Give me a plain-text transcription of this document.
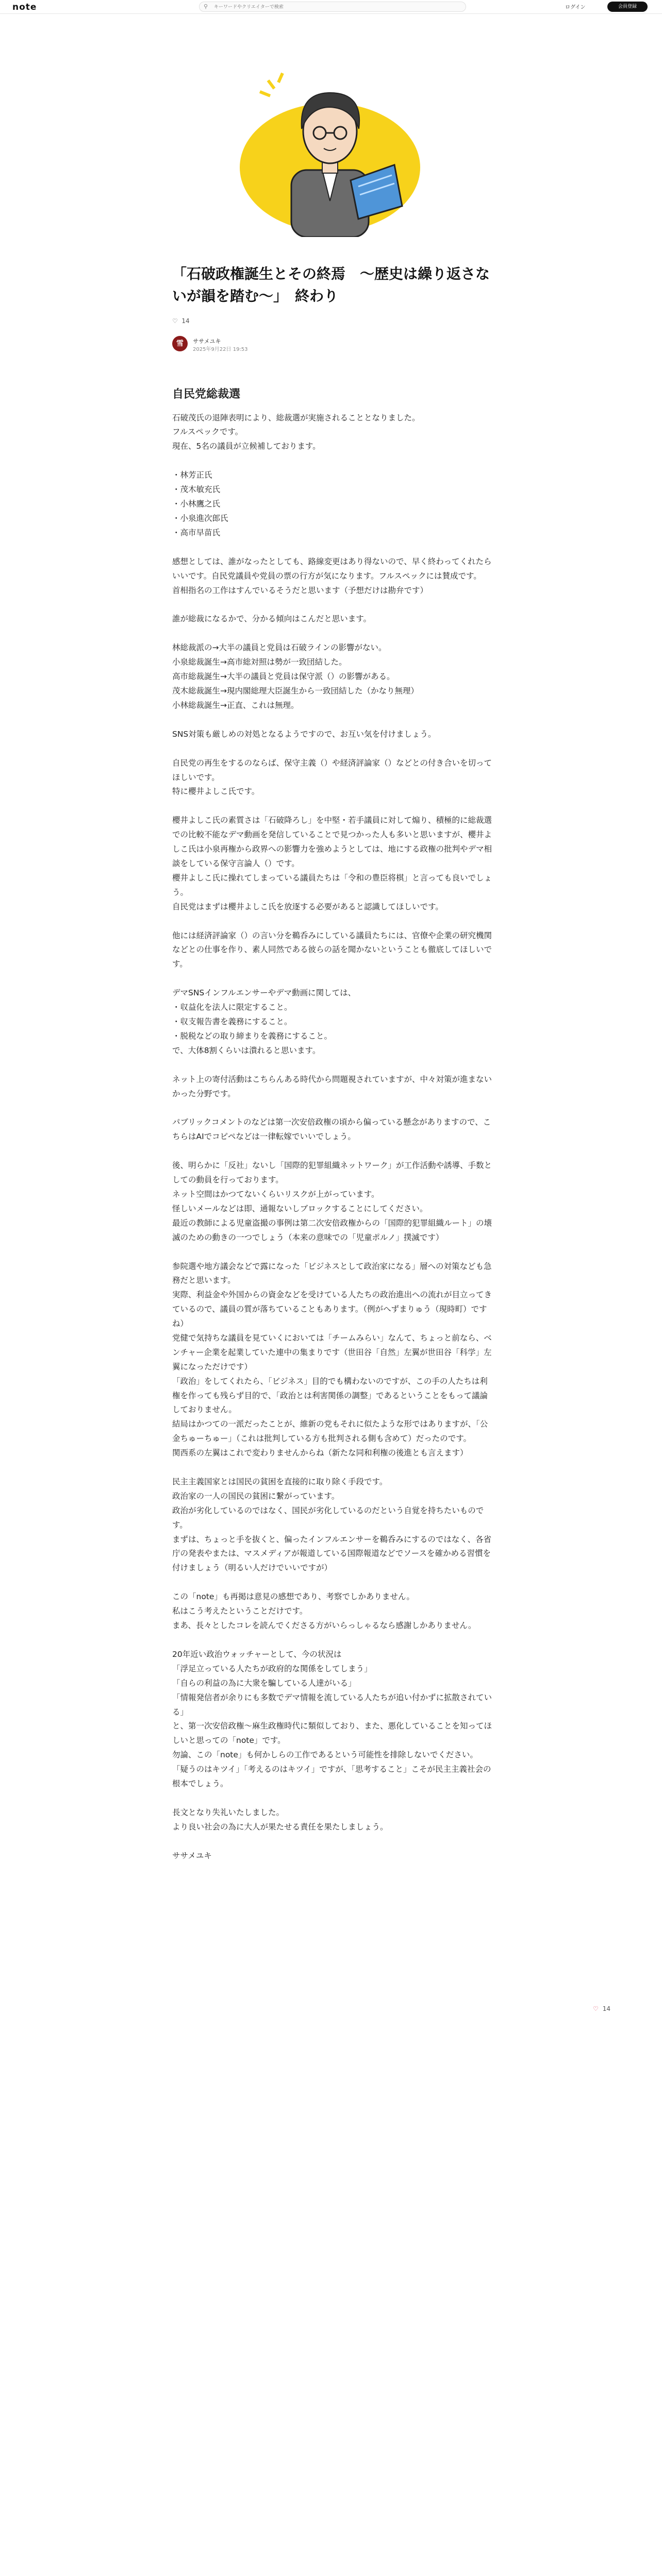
note	⚲
キーワードやクリエイターで検索	ログイン	会員登録
「石破政権誕生とその終焉　〜歴史は繰り返さないが韻を踏む〜」　終わり
♡ 14
雪	ササメユキ
2025年9月22日 19:53
自民党総裁選

石破茂氏の退陣表明により、総裁選が実施されることとなりました。
フルスペックです。
現在、5名の議員が立候補しております。

・林芳正氏
・茂木敏充氏
・小林鷹之氏
・小泉進次郎氏
・高市早苗氏

感想としては、誰がなったとしても、路線変更はあり得ないので、早く終わってくれたらいいです。自民党議員や党員の票の行方が気になります。フルスペックには賛成です。
首相指名の工作はすんでいるそうだと思います（予想だけは勘弁です）

誰が総裁になるかで、分かる傾向はこんだと思います。

林総裁派の→大半の議員と党員は石破ラインの影響がない。
小泉総裁誕生→高市総対照は勢が一致団結した。
高市総裁誕生→大半の議員と党員は保守派（）の影響がある。
茂木総裁誕生→現内閣総理大臣誕生から一致団結した（かなり無理）
小林総裁誕生→正直、これは無理。

SNS対策も厳しめの対処となるようですので、お互い気を付けましょう。

自民党の再生をするのならば、保守主義（）や経済評論家（）などとの付き合いを切ってほしいです。
特に櫻井よしこ氏です。

櫻井よしこ氏の素質さは「石破降ろし」を中堅・若手議員に対して煽り、積極的に総裁選での比較不能なデマ動画を発信していることで見つかった人も多いと思いますが、櫻井よしこ氏は小泉再権から政界への影響力を強めようとしては、地にする政権の批判やデマ相談をしている保守言論人（）です。
櫻井よしこ氏に操れてしまっている議員たちは「令和の豊臣将棋」と言っても良いでしょう。
自民党はまずは櫻井よしこ氏を放逐する必要があると認識してほしいです。

他には経済評論家（）の言い分を鵜呑みにしている議員たちには、官僚や企業の研究機関などとの仕事を作り、素人同然である彼らの話を聞かないということも徹底してほしいです。

デマSNSインフルエンサーやデマ動画に関しては、
・収益化を法人に限定すること。
・収支報告書を義務にすること。
・脱税などの取り締まりを義務にすること。
で、大体8割くらいは潰れると思います。

ネット上の寄付活動はこちらんある時代から問題視されていますが、中々対策が進まないかった分野です。

パブリックコメントのなどは第一次安倍政権の頃から偏っている懸念がありますので、こちらはAIでコピペなどは一律転嫁でいいでしょう。

後、明らかに「反社」ないし「国際的犯罪組織ネットワーク」が工作活動や誘導、手数としての動員を行っております。
ネット空間はかつてないくらいリスクが上がっています。
怪しいメールなどは即、通報ないしブロックすることにしてください。
最近の教師による児童盗撮の事例は第二次安倍政権からの「国際的犯罪組織ルート」の壊滅のための動きの一つでしょう（本来の意味での「児童ポルノ」撲滅です）

参院選や地方議会などで露になった「ビジネスとして政治家になる」層への対策なども急務だと思います。
実際、利益金や外国からの資金などを受けている人たちの政治進出への流れが目立ってきているので、議員の質が落ちていることもあります。（例がへずまりゅう（現時町）ですね）
党健で気持ちな議員を見ていくにおいては「チームみらい」なんて、ちょっと前なら、ベンチャー企業を起業していた連中の集まりです（世田谷「自然」左翼が世田谷「科学」左翼になっただけです）
「政治」をしてくれたら、「ビジネス」目的でも構わないのですが、この手の人たちは利権を作っても残らず目的で、「政治とは利害関係の調整」であるということをもって議論しておりません。
結局はかつての一派だったことが、維新の党もそれに似たような形ではありますが、「公金ちゅーちゅー」（これは批判している方も批判される側も含めて）だったのです。
関西系の左翼はこれで変わりませんからね（新たな同和利権の後進とも言えます）

民主主義国家とは国民の貧困を直接的に取り除く手段です。
政治家の一人の国民の貧困に繋がっています。
政治が劣化しているのではなく、国民が劣化しているのだという自覚を持ちたいものです。
まずは、ちょっと手を抜くと、偏ったインフルエンサーを鵜呑みにするのではなく、各省庁の発表やまたは、マスメディアが報道している国際報道などでソースを確かめる習慣を付けましょう（明るい人だけでいいですが）

この「note」も再掲は意見の感想であり、考察でしかありません。
私はこう考えたということだけです。
まあ、長々としたコレを読んでくださる方がいらっしゃるなら感謝しかありません。

20年近い政治ウォッチャーとして、今の状況は
「浮足立っている人たちが政府的な関係をしてしまう」
「自らの利益の為に大衆を騙している人達がいる」
「情報発信者が余りにも多数でデマ情報を流している人たちが追い付かずに拡散されている」
と、第一次安倍政権〜麻生政権時代に類似しており、また、悪化していることを知ってほしいと思っての「note」です。
勿論、この「note」も何かしらの工作であるという可能性を排除しないでください。
「疑うのはキツイ」「考えるのはキツイ」ですが、「思考すること」こそが民主主義社会の根本でしょう。

長文となり失礼いたしました。
より良い社会の為に大人が果たせる責任を果たしましょう。

ササメユキ

♡ 14
